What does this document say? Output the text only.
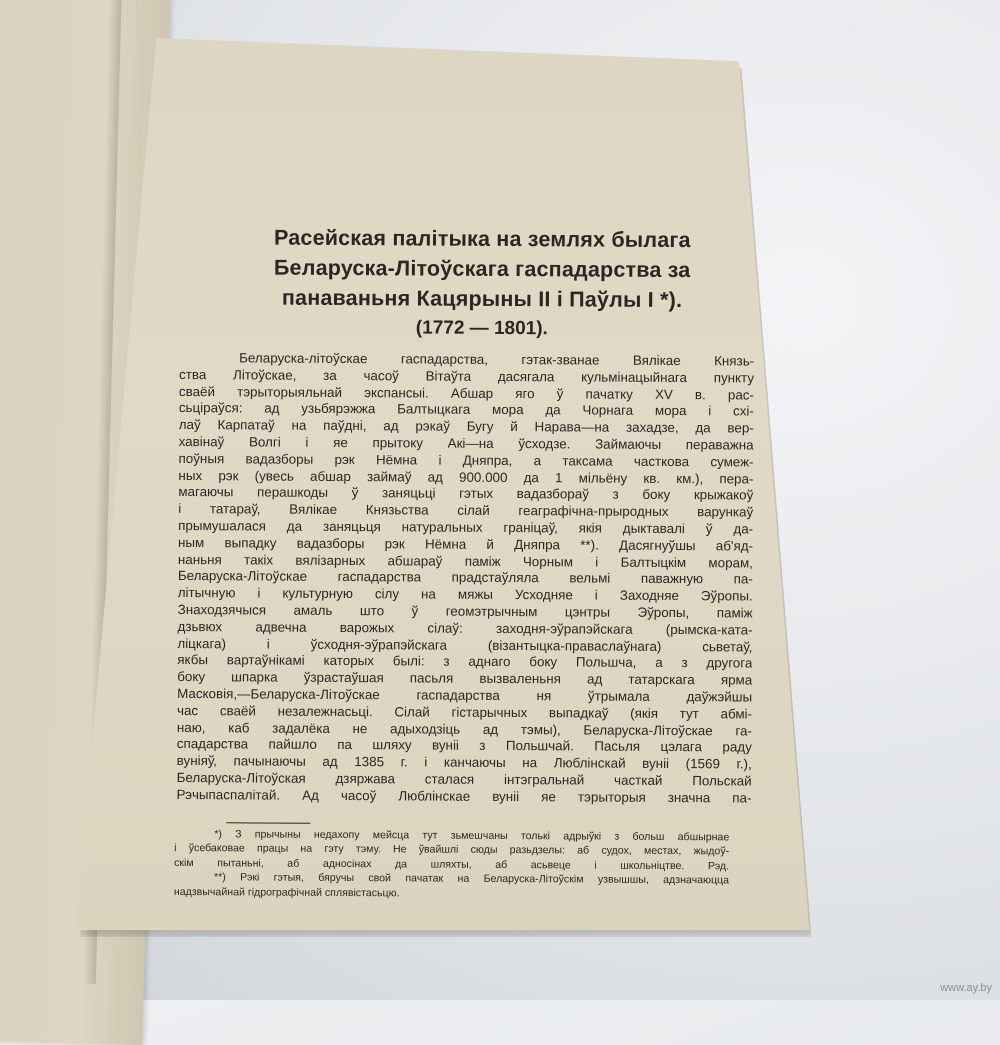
Расейская палітыка на землях былага
Беларуска-Літоўскага гаспадарства за
панаваньня Кацярыны II і Паўлы I *).
(1772 — 1801).
Беларуска-літоўскае гаспадарства, гэтак-званае Вялікае Князь-
ства Літоўскае, за часоў Вітаўта дасягала кульмінацыйнага пункту
сваёй тэрыторыяльнай экспансыі. Абшар яго ў пачатку XV в. рас-
сьціраўся: ад узьбярэжжа Балтыцкага мора да Чорнага мора і схі-
лаў Карпатаў на паўдні, ад рэкаў Бугу й Нарава—на захадзе, да вер-
хавінаў Волгі і яе прытоку Акі—на ўсходзе. Займаючы пераважна
поўныя вадазборы рэк Нёмна і Дняпра, а таксама часткова сумеж-
ных рэк (увесь абшар займаў ад 900.000 да 1 мільёну кв. км.), пера-
магаючы перашкоды ў заняцьці гэтых вадазбораў з боку крыжакоў
і татараў, Вялікае Князьства сілай геаграфічна-прыродных варункаў
прымушалася да заняцьця натуральных граніцаў, якія дыктавалі ў да-
ным выпадку вадазборы рэк Нёмна й Дняпра **). Дасягнуўшы аб'яд-
наньня такіх вялізарных абшараў паміж Чорным і Балтыцкім морам,
Беларуска-Літоўскае гаспадарства прадстаўляла вельмі паважную па-
літычную і культурную сілу на мяжы Усходняе і Заходняе Эўропы.
Знаходзячыся амаль што ў геомэтрычным цэнтры Эўропы, паміж
дзьвюх адвечна варожых сілаў: заходня-эўрапэйскага (рымска-ката-
ліцкага) і ўсходня-эўрапэйскага (візантыцка-праваслаўнага) сьветаў,
якбы вартаўнікамі каторых былі: з аднаго боку Польшча, а з другога
боку шпарка ўзрастаўшая пасьля вызваленьня ад татарскага ярма
Масковія,—Беларуска-Літоўскае гаспадарства ня ўтрымала даўжэйшы
час сваёй незалежнасьці. Сілай гістарычных выпадкаў (якія тут абмі-
наю, каб задалёка не адыходзіць ад тэмы), Беларуска-Літоўскае га-
спадарства пайшло па шляху вуніі з Польшчай. Пасьля цэлага раду
вуніяў, пачынаючы ад 1385 г. і канчаючы на Люблінскай вуніі (1569 г.),
Беларуска-Літоўская дзяржава сталася інтэгральнай часткай Польскай
Рэчыпаспалітай. Ад часоў Люблінскае вуніі яе тэрыторыя значна па-
*) З прычыны недахопу мейсца тут зьмешчаны толькі адрыўкі з больш абшырнае
і ўсебаковае працы на гэту тэму. Не ўвайшлі сюды разьдзелы: аб судох, местах, жыдоў-
скім пытаньні, аб адносінах да шляхты, аб асьвеце і школьніцтве. Рэд.
**) Рэкі гэтыя, бяручы свой пачатак на Беларуска-Літоўскім узвышшы, адзначаюцца
надзвычайнай гідрографічнай сплявістасьцю.
www.ay.by
